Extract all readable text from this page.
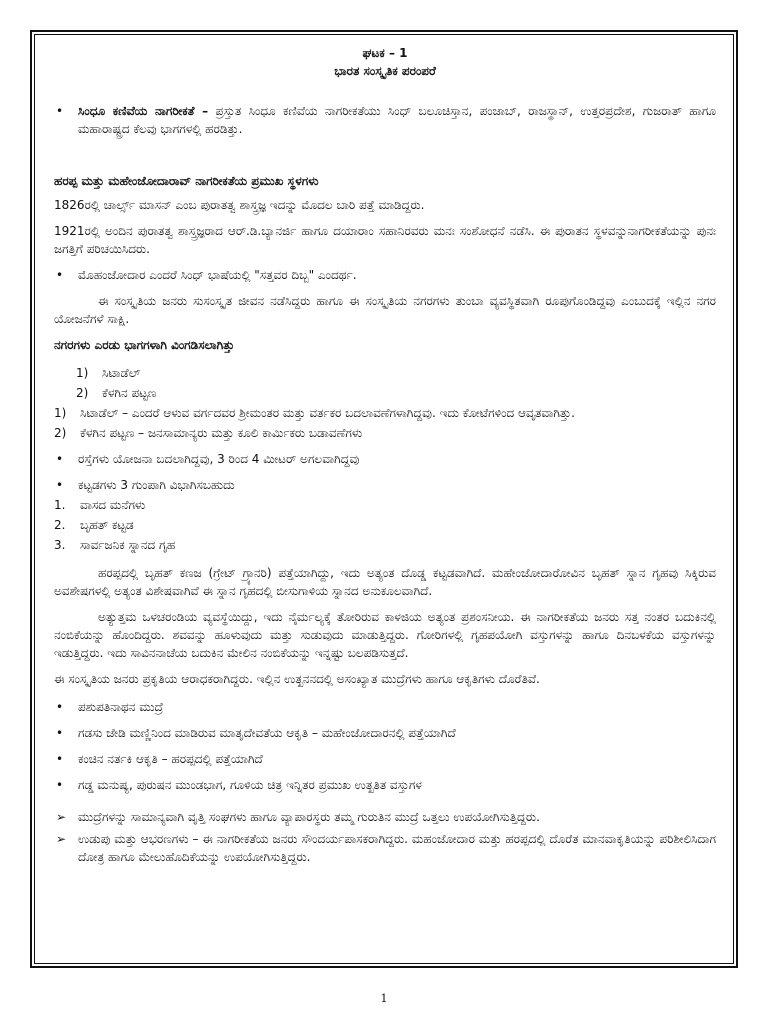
ಘಟಕ – 1
ಭಾರತ ಸಂಸ್ಕೃತಿಕ ಪರಂಪರೆ
•	ಸಿಂಧೂ ಕಣಿವೆಯ ನಾಗರೀಕತೆ – ಪ್ರಸ್ತುತ ಸಿಂಧೂ ಕಣಿವೆಯ ನಾಗರೀಕತೆಯು ಸಿಂಧ್ ಬಲೂಚಿಸ್ತಾನ, ಪಂಜಾಬ್, ರಾಜಸ್ಥಾನ್, ಉತ್ತರಪ್ರದೇಶ, ಗುಜರಾತ್ ಹಾಗೂ ಮಹಾರಾಷ್ಟ್ರದ ಕೆಲವು ಭಾಗಗಳಲ್ಲಿ ಹರಡಿತ್ತು.

ಹರಪ್ಪ ಮತ್ತು ಮಹೇಂಜೋದಾರಾವ್ ನಾಗರೀಕತೆಯ ಪ್ರಮುಖ ಸ್ಥಳಗಳು

1826ರಲ್ಲಿ ಚಾರ್ಲ್ಸ್ ಮಾಸನ್ ಎಂಬ ಪುರಾತತ್ವ ಶಾಸ್ತ್ರಜ್ಞ ಇದನ್ನು ಮೊದಲ ಬಾರಿ ಪತ್ತೆ ಮಾಡಿದ್ದರು.

1921ರಲ್ಲಿ ಅಂದಿನ ಪುರಾತತ್ವ ಶಾಸ್ತ್ರಜ್ಞರಾದ ಆರ್.ಡಿ.ಬ್ಯಾನರ್ಜಿ ಹಾಗೂ ದಯಾರಾಂ ಸಹಾನಿರವರು ಮನಃ ಸಂಶೋಧನೆ ನಡೆಸಿ. ಈ ಪುರಾತನ ಸ್ಥಳವನ್ನುನಾಗರೀಕತೆಯನ್ನು ಪುನಃ ಜಗತ್ತಿಗೆ ಪರಿಚಯಿಸಿದರು.

•	ಮೊಹಂಜೋದಾರ ಎಂದರೆ ಸಿಂಧ್ ಭಾಷೆಯಲ್ಲಿ "ಸತ್ತವರ ದಿಬ್ಬ" ಎಂದರ್ಥ.

ಈ ಸಂಸ್ಕೃತಿಯ ಜನರು ಸುಸಂಸ್ಕೃತ ಜೀವನ ನಡೆಸಿದ್ದರು ಹಾಗೂ ಈ ಸಂಸ್ಕೃತಿಯ ನಗರಗಳು ತುಂಬಾ ವ್ಯವಸ್ಥಿತವಾಗಿ ರೂಪುಗೊಂಡಿದ್ದವು ಎಂಬುದಕ್ಕೆ ಇಲ್ಲಿನ ನಗರ ಯೋಜನೆಗಳೆ ಸಾಕ್ಷಿ.

ನಗರಗಳು ಎರಡು ಭಾಗಗಳಾಗಿ ವಿಂಗಡಿಸಲಾಗಿತ್ತು

1)	ಸಿಟಾಡೆಲ್
2)	ಕೆಳಗಿನ ಪಟ್ಟಣ
1)	ಸಿಟಾಡೆಲ್ – ಎಂದರೆ ಆಳುವ ವರ್ಗದವರ ಶ್ರೀಮಂತರ ಮತ್ತು ವರ್ತಕರ ಬದಲಾವಣೆಗಳಾಗಿದ್ದವು. ಇದು ಕೋಟೆಗಳಿಂದ ಆವೃತವಾಗಿತ್ತು.

2)	ಕೆಳಗಿನ ಪಟ್ಟಣ – ಜನಸಾಮಾನ್ಯರು ಮತ್ತು ಕೂಲಿ ಕಾರ್ಮಿಕರು ಬಡಾವಣೆಗಳು

•	ರಸ್ತೆಗಳು ಯೋಜನಾ ಬದಲಾಗಿದ್ದವು, 3 ರಿಂದ 4 ಮೀಟರ್ ಅಗಲವಾಗಿದ್ದವು

•	ಕಟ್ಟಡಗಳು 3 ಗುಂಪಾಗಿ ವಿಭಾಗಿಸಬಹುದು

1.	ವಾಸದ ಮನೆಗಳು
2.	ಬೃಹತ್ ಕಟ್ಟಡ
3.	ಸಾರ್ವಜನಿಕ ಸ್ನಾನದ ಗೃಹ

ಹರಪ್ಪದಲ್ಲಿ ಬೃಹತ್ ಕಣಜ (ಗ್ರೇಟ್ ಗ್ರ್ಯಾನರಿ) ಪತ್ತೆಯಾಗಿದ್ದು, ಇದು ಅತ್ಯಂತ ದೊಡ್ಡ ಕಟ್ಟಡವಾಗಿದೆ. ಮಹೇಂಜೋದಾರೋವಿನ ಬೃಹತ್ ಸ್ನಾನ ಗೃಹವು ಸಿಕ್ಕಿರುವ ಅವಶೇಷಗಳಲ್ಲಿ ಅತ್ಯಂತ ವಿಶೇಷವಾಗಿವೆ ಈ ಸ್ನಾನ ಗೃಹದಲ್ಲಿ ಬೀಸುಗಾಳಿಯ ಸ್ನಾನದ ಅನುಕೂಲವಾಗಿದೆ.

ಅತ್ಯುತ್ತಮ ಒಳಚರಂಡಿಯ ವ್ಯವಸ್ಥೆಯಿದ್ದು, ಇದು ನೈರ್ಮಲ್ಯಕ್ಕೆ ತೋರಿರುವ ಕಾಳಜಿಯ ಅತ್ಯಂತ ಪ್ರಶಂಸನೀಯ. ಈ ನಾಗರೀಕತೆಯ ಜನರು ಸತ್ತ ನಂತರ ಬದುಕಿನಲ್ಲಿ ನಂಬಿಕೆಯನ್ನು ಹೊಂದಿದ್ದರು. ಶವವನ್ನು ಹೂಳುವುದು ಮತ್ತು ಸುಡುವುದು ಮಾಡುತ್ತಿದ್ದರು. ಗೋರಿಗಳಲ್ಲಿ ಗೃಹಪಯೋಗಿ ವಸ್ತುಗಳನ್ನು ಹಾಗೂ ದಿನಬಳಕೆಯ ವಸ್ತುಗಳನ್ನು ಇಡುತ್ತಿದ್ದರು. ಇದು ಸಾವಿನನಾಚೆಯ ಬದುಕಿನ ಮೇಲಿನ ನಂಬಿಕೆಯನ್ನು ಇನ್ನಷ್ಟು ಬಲಪಡಿಸುತ್ತದೆ.

ಈ ಸಂಸ್ಕೃತಿಯ ಜನರು ಪ್ರಕೃತಿಯ ಆರಾಧಕರಾಗಿದ್ದರು. ಇಲ್ಲಿನ ಉತ್ಖನನದಲ್ಲಿ ಅಸಂಖ್ಯಾತ ಮುದ್ರೆಗಳು ಹಾಗೂ ಆಕೃತಿಗಳು ದೊರೆತಿವೆ.

•	ಪಶುಪತಿನಾಥನ ಮುದ್ರೆ

•	ಗಡಸು ಜೇಡಿ ಮಣ್ಣಿನಿಂದ ಮಾಡಿರುವ ಮಾತೃದೇವತೆಯ ಆಕೃತಿ – ಮಹೇಂಜೋದಾರನಲ್ಲಿ ಪತ್ತೆಯಾಗಿದೆ

•	ಕಂಚಿನ ನರ್ತಕಿ ಆಕೃತಿ – ಹರಪ್ಪದಲ್ಲಿ ಪತ್ತೆಯಾಗಿದೆ

•	ಗಡ್ಡ ಮನುಷ್ಯ, ಪುರುಷನ ಮುಂಡಭಾಗ, ಗೂಳಿಯ ಚಿತ್ರ ಇನ್ನಿತರ ಪ್ರಮುಖ ಉತ್ಖತಿತ ವಸ್ತುಗಳ

➢ ಮುದ್ರೆಗಳನ್ನು ಸಾಮಾನ್ಯವಾಗಿ ವೃತ್ತಿ ಸಂಘಗಳು ಹಾಗೂ ವ್ಯಾಪಾರಸ್ಥರು ತಮ್ಮ ಗುರುತಿನ ಮುದ್ರೆ ಒತ್ತಲು ಉಪಯೋಗಿಸುತ್ತಿದ್ದರು.

➢ ಉಡುಪು ಮತ್ತು ಆಭರಣಗಳು – ಈ ನಾಗರೀಕತೆಯ ಜನರು ಸೌಂದರ್ಯಪಾಸಕರಾಗಿದ್ದರು. ಮಹಂಜೋದಾರ ಮತ್ತು ಹರಪ್ಪದಲ್ಲಿ ದೊರೆತ ಮಾನವಾಕೃತಿಯನ್ನು ಪರಿಶೀಲಿಸಿದಾಗ ದೋತ್ರ ಹಾಗೂ ಮೇಲುಹೊದಿಕೆಯನ್ನು ಉಪಯೋಗಿಸುತ್ತಿದ್ದರು.

1
